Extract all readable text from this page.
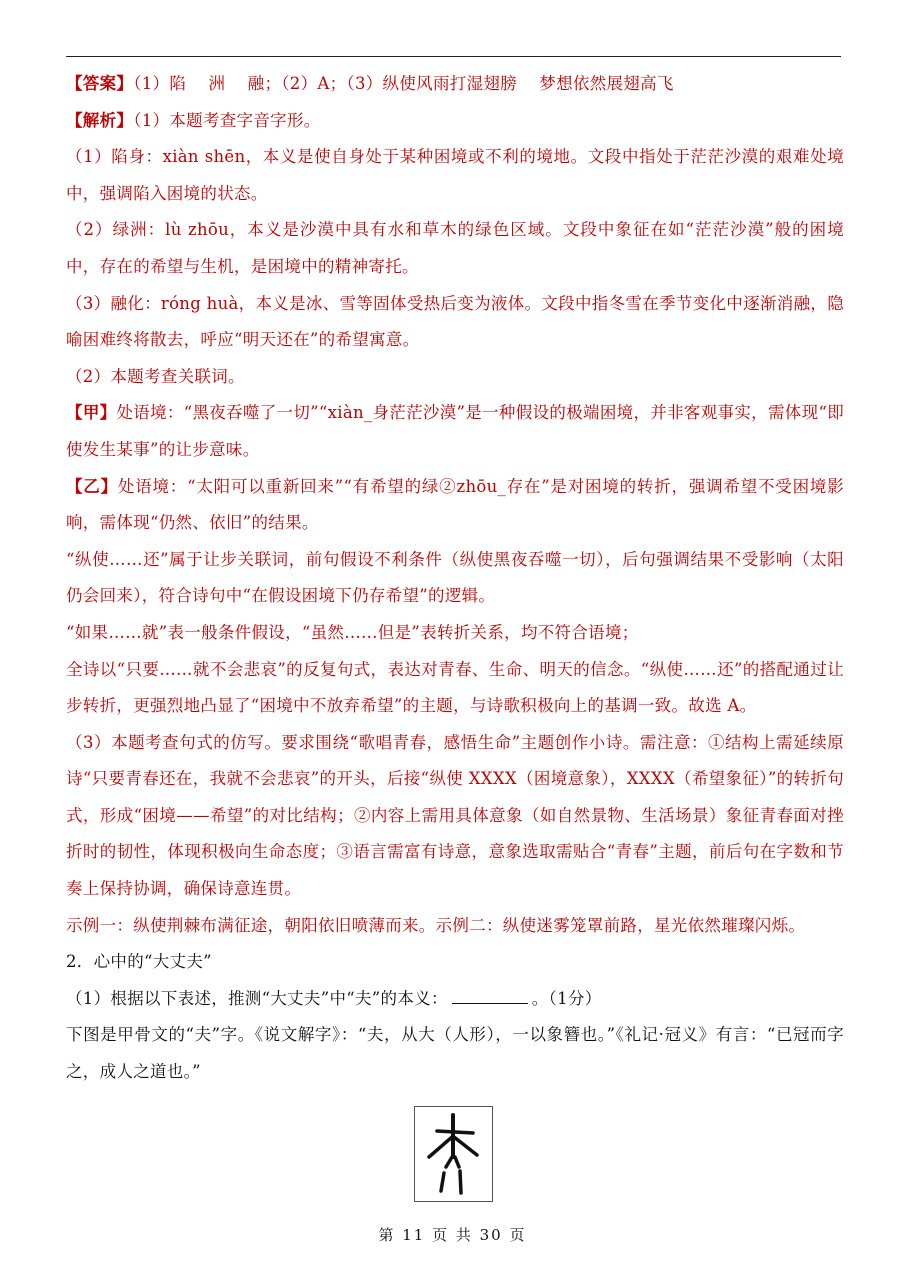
【答案】（1）陷　 洲　 融；（2）A；（3）纵使风雨打湿翅膀　 梦想依然展翅高飞

【解析】（1）本题考查字音字形。

（1）陷身：xiàn shēn，本义是使自身处于某种困境或不利的境地。文段中指处于茫茫沙漠的艰难处境中，强调陷入困境的状态。

（2）绿洲：lù zhōu，本义是沙漠中具有水和草木的绿色区域。文段中象征在如“茫茫沙漠”般的困境中，存在的希望与生机，是困境中的精神寄托。

（3）融化：róng huà，本义是冰、雪等固体受热后变为液体。文段中指冬雪在季节变化中逐渐消融，隐喻困难终将散去，呼应“明天还在”的希望寓意。

（2）本题考查关联词。

【甲】处语境：“黑夜吞噬了一切”“xiàn_身茫茫沙漠”是一种假设的极端困境，并非客观事实，需体现“即使发生某事”的让步意味。

【乙】处语境：“太阳可以重新回来”“有希望的绿②zhōu_存在”是对困境的转折，强调希望不受困境影响，需体现“仍然、依旧”的结果。

“纵使……还”属于让步关联词，前句假设不利条件（纵使黑夜吞噬一切），后句强调结果不受影响（太阳仍会回来），符合诗句中“在假设困境下仍存希望”的逻辑。

“如果……就”表一般条件假设，“虽然……但是”表转折关系，均不符合语境；

全诗以“只要……就不会悲哀”的反复句式，表达对青春、生命、明天的信念。“纵使……还”的搭配通过让步转折，更强烈地凸显了“困境中不放弃希望”的主题，与诗歌积极向上的基调一致。故选 A。

（3）本题考查句式的仿写。要求围绕“歌唱青春，感悟生命”主题创作小诗。需注意：①结构上需延续原诗“只要青春还在，我就不会悲哀”的开头，后接“纵使 XXXX（困境意象），XXXX（希望象征）”的转折句式，形成“困境——希望”的对比结构；②内容上需用具体意象（如自然景物、生活场景）象征青春面对挫折时的韧性，体现积极向生命态度；③语言需富有诗意，意象选取需贴合“青春”主题，前后句在字数和节奏上保持协调，确保诗意连贯。

示例一：纵使荆棘布满征途，朝阳依旧喷薄而来。示例二：纵使迷雾笼罩前路，星光依然璀璨闪烁。

2．心中的“大丈夫”

（1）根据以下表述，推测“大丈夫”中“夫”的本义：	。（1分）

下图是甲骨文的“夫”字。《说文解字》：“夫，从大（人形），一以象簪也。”《礼记·冠义》有言：“已冠而字之，成人之道也。”

第 11 页 共 30 页
